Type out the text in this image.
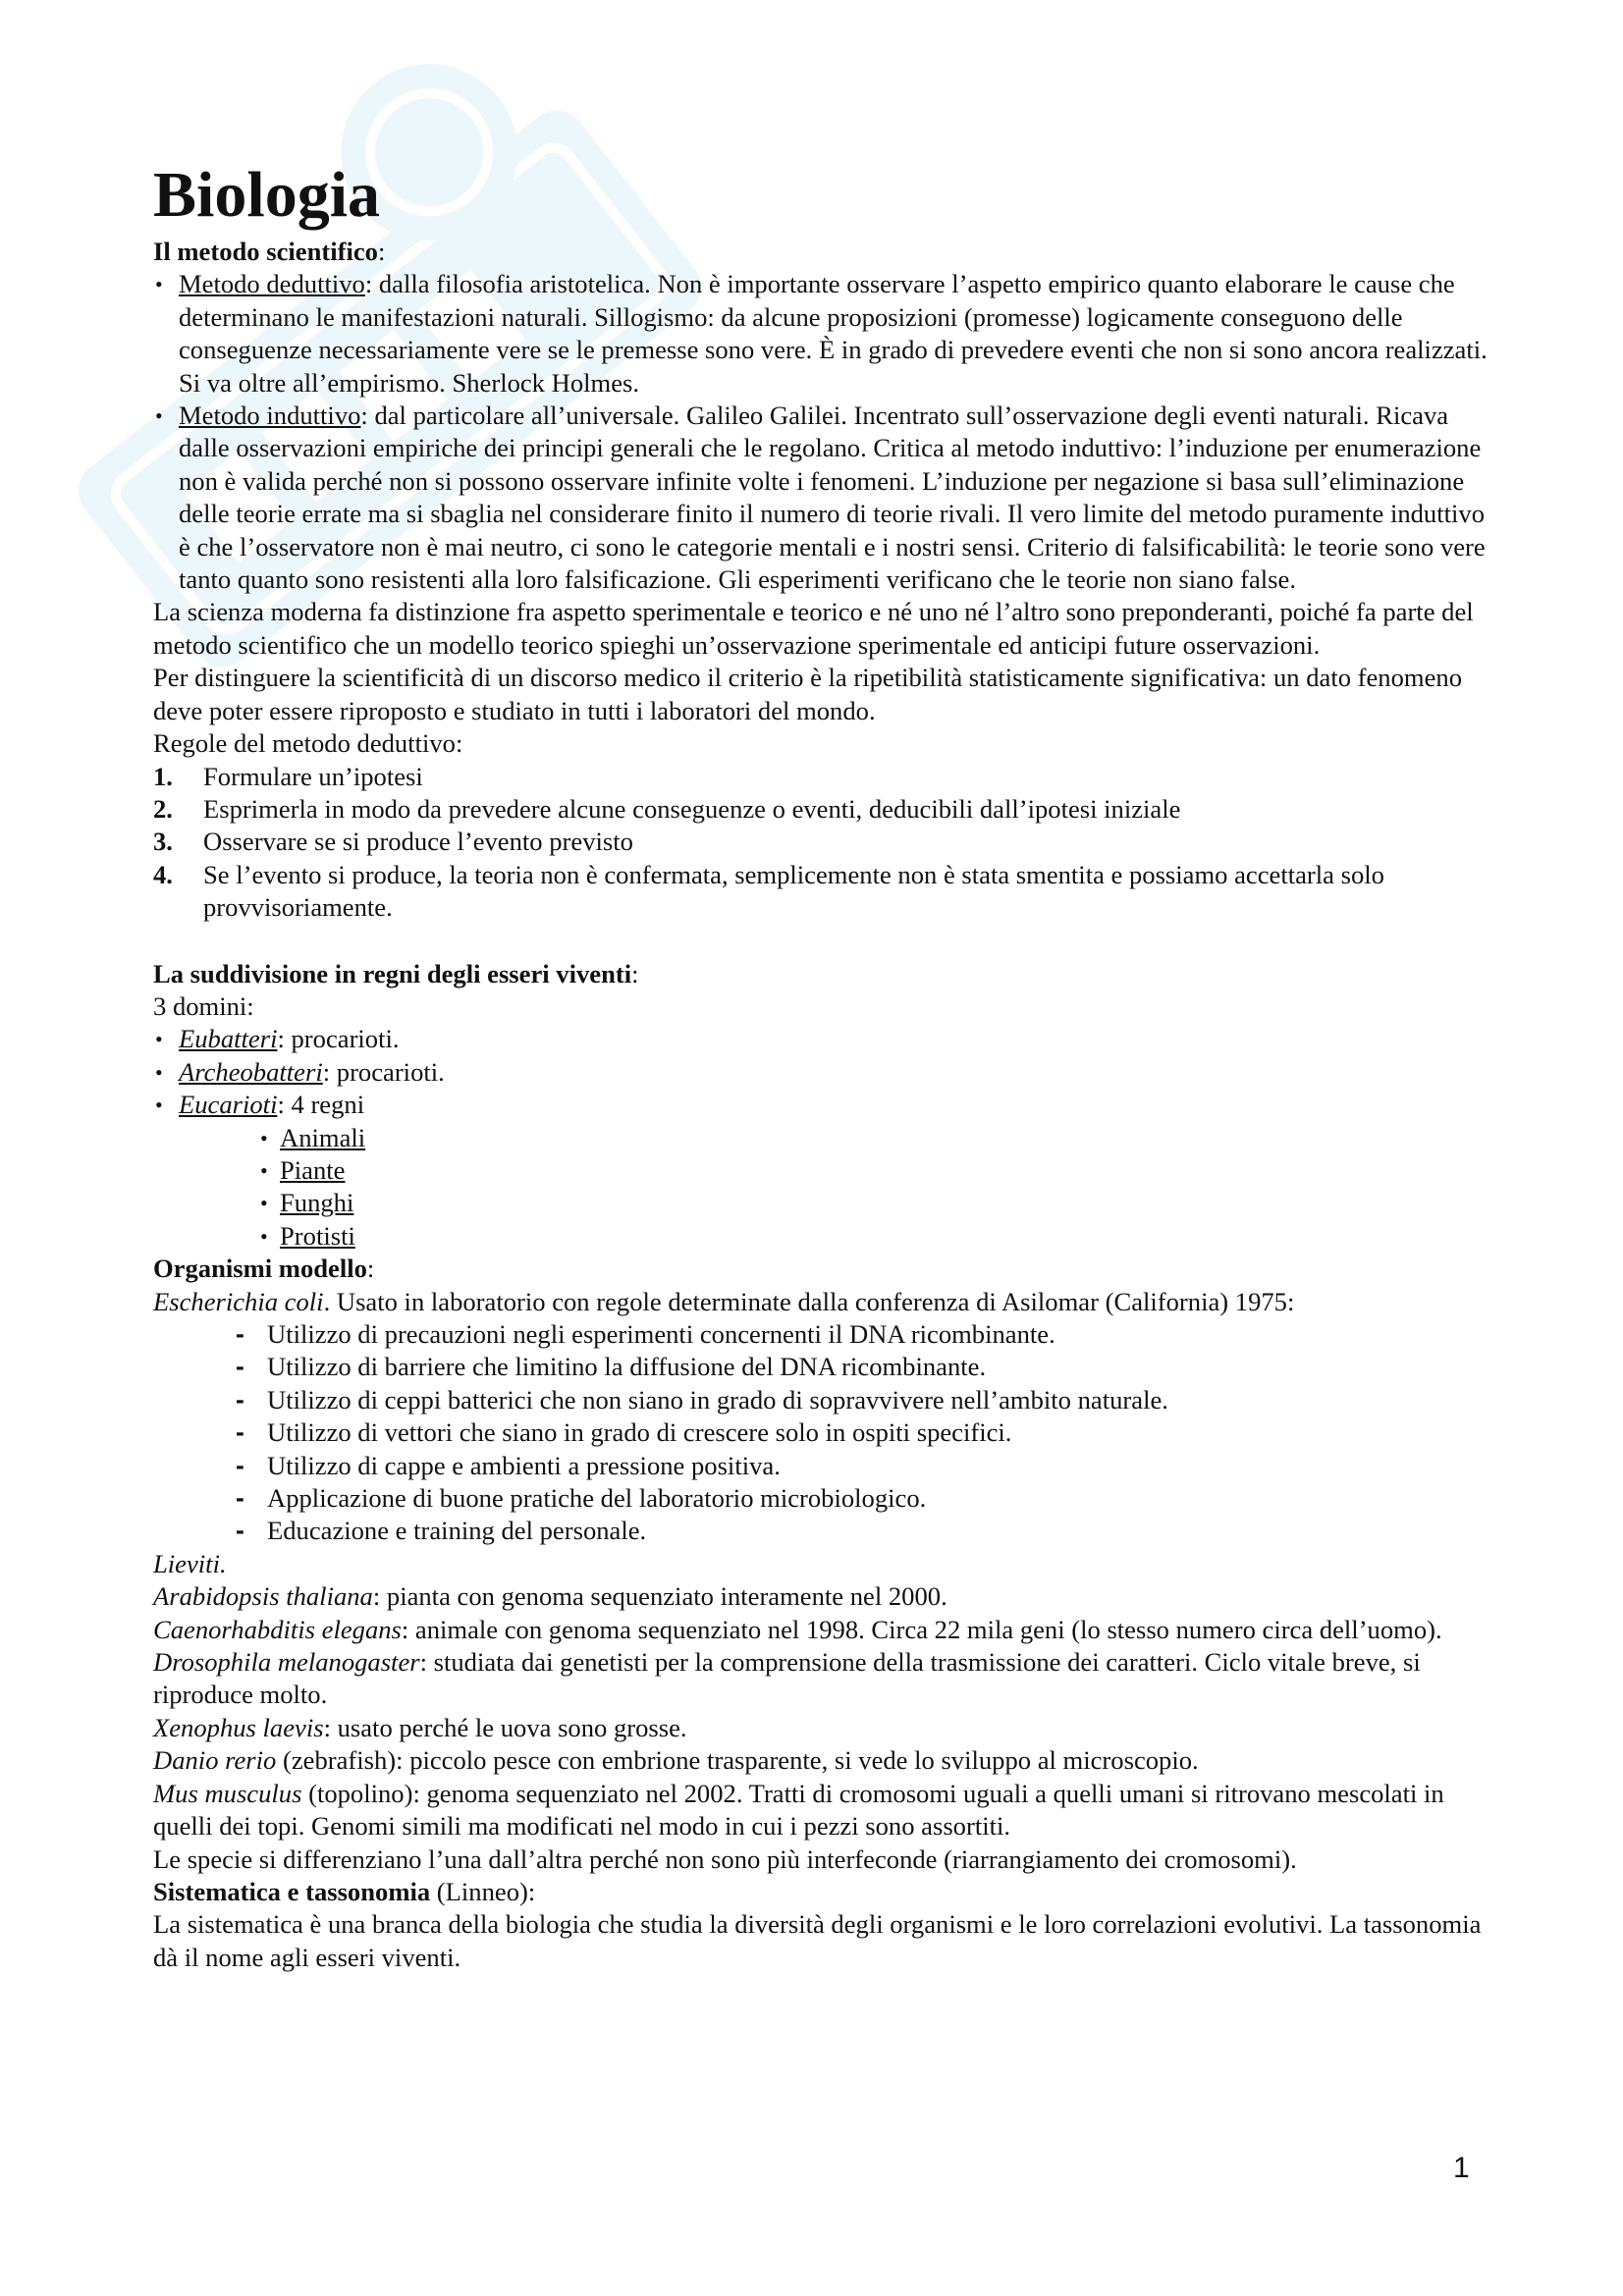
Biologia

Il metodo scientifico:

• Metodo deduttivo: dalla filosofia aristotelica. Non è importante osservare l’aspetto empirico quanto elaborare le cause che determinano le manifestazioni naturali. Sillogismo: da alcune proposizioni (promesse) logicamente conseguono delle conseguenze necessariamente vere se le premesse sono vere. È in grado di prevedere eventi che non si sono ancora realizzati. Si va oltre all’empirismo. Sherlock Holmes.
• Metodo induttivo: dal particolare all’universale. Galileo Galilei. Incentrato sull’osservazione degli eventi naturali. Ricava dalle osservazioni empiriche dei principi generali che le regolano. Critica al metodo induttivo: l’induzione per enumerazione non è valida perché non si possono osservare infinite volte i fenomeni. L’induzione per negazione si basa sull’eliminazione delle teorie errate ma si sbaglia nel considerare finito il numero di teorie rivali. Il vero limite del metodo puramente induttivo è che l’osservatore non è mai neutro, ci sono le categorie mentali e i nostri sensi. Criterio di falsificabilità: le teorie sono vere tanto quanto sono resistenti alla loro falsificazione. Gli esperimenti verificano che le teorie non siano false.

La scienza moderna fa distinzione fra aspetto sperimentale e teorico e né uno né l’altro sono preponderanti, poiché fa parte del metodo scientifico che un modello teorico spieghi un’osservazione sperimentale ed anticipi future osservazioni.

Per distinguere la scientificità di un discorso medico il criterio è la ripetibilità statisticamente significativa: un dato fenomeno deve poter essere riproposto e studiato in tutti i laboratori del mondo.

Regole del metodo deduttivo:

1. Formulare un’ipotesi
2. Esprimerla in modo da prevedere alcune conseguenze o eventi, deducibili dall’ipotesi iniziale
3. Osservare se si produce l’evento previsto
4. Se l’evento si produce, la teoria non è confermata, semplicemente non è stata smentita e possiamo accettarla solo provvisoriamente.

La suddivisione in regni degli esseri viventi:

3 domini:

• Eubatteri: procarioti.
• Archeobatteri: procarioti.
• Eucarioti: 4 regni
• Animali
• Piante
• Funghi
• Protisti

Organismi modello:

Escherichia coli. Usato in laboratorio con regole determinate dalla conferenza di Asilomar (California) 1975:

- Utilizzo di precauzioni negli esperimenti concernenti il DNA ricombinante.
- Utilizzo di barriere che limitino la diffusione del DNA ricombinante.
- Utilizzo di ceppi batterici che non siano in grado di sopravvivere nell’ambito naturale.
- Utilizzo di vettori che siano in grado di crescere solo in ospiti specifici.
- Utilizzo di cappe e ambienti a pressione positiva.
- Applicazione di buone pratiche del laboratorio microbiologico.
- Educazione e training del personale.

Lieviti.

Arabidopsis thaliana: pianta con genoma sequenziato interamente nel 2000.

Caenorhabditis elegans: animale con genoma sequenziato nel 1998. Circa 22 mila geni (lo stesso numero circa dell’uomo).

Drosophila melanogaster: studiata dai genetisti per la comprensione della trasmissione dei caratteri. Ciclo vitale breve, si riproduce molto.

Xenophus laevis: usato perché le uova sono grosse.

Danio rerio (zebrafish): piccolo pesce con embrione trasparente, si vede lo sviluppo al microscopio.

Mus musculus (topolino): genoma sequenziato nel 2002. Tratti di cromosomi uguali a quelli umani si ritrovano mescolati in quelli dei topi. Genomi simili ma modificati nel modo in cui i pezzi sono assortiti.

Le specie si differenziano l’una dall’altra perché non sono più interfeconde (riarrangiamento dei cromosomi).

Sistematica e tassonomia (Linneo):

La sistematica è una branca della biologia che studia la diversità degli organismi e le loro correlazioni evolutivi. La tassonomia dà il nome agli esseri viventi.

1
